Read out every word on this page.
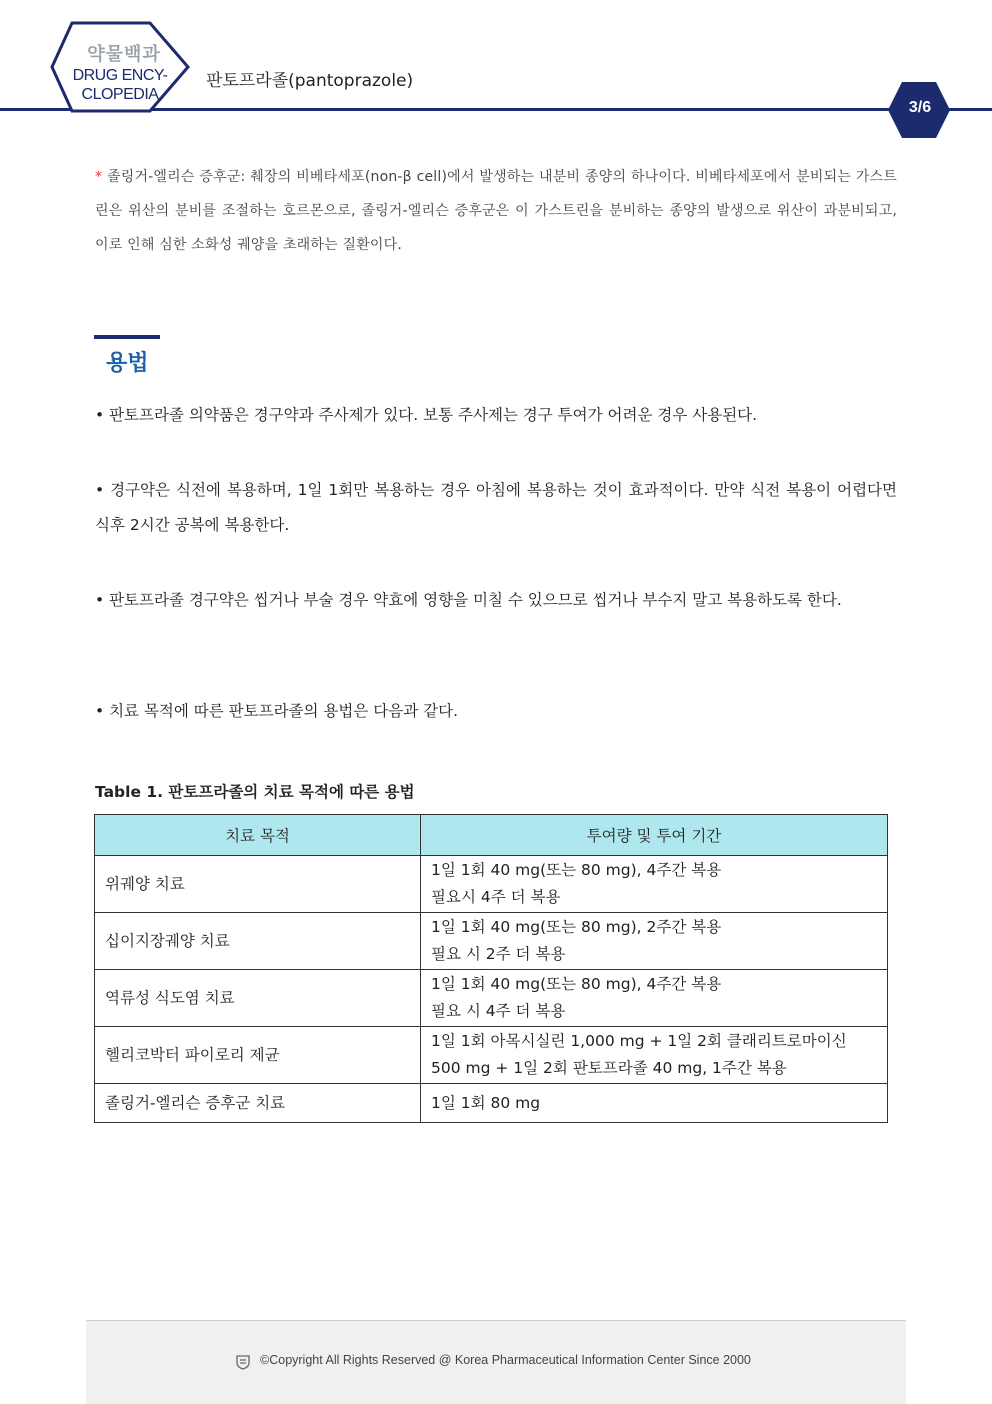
약물백과
DRUG ENCY-
CLOPEDIA
판토프라졸(pantoprazole)
3/6
* 졸링거-엘리슨 증후군: 췌장의 비베타세포(non-β cell)에서 발생하는 내분비 종양의 하나이다. 비베타세포에서 분비되는 가스트린은 위산의 분비를 조절하는 호르몬으로, 졸링거-엘리슨 증후군은 이 가스트린을 분비하는 종양의 발생으로 위산이 과분비되고, 이로 인해 심한 소화성 궤양을 초래하는 질환이다.
용법
• 판토프라졸 의약품은 경구약과 주사제가 있다. 보통 주사제는 경구 투여가 어려운 경우 사용된다.
• 경구약은 식전에 복용하며, 1일 1회만 복용하는 경우 아침에 복용하는 것이 효과적이다. 만약 식전 복용이 어렵다면 식후 2시간 공복에 복용한다.
• 판토프라졸 경구약은 씹거나 부술 경우 약효에 영향을 미칠 수 있으므로 씹거나 부수지 말고 복용하도록 한다.
• 치료 목적에 따른 판토프라졸의 용법은 다음과 같다.
Table 1. 판토프라졸의 치료 목적에 따른 용법
치료 목적	투여량 및 투여 기간
위궤양 치료	1일 1회 40 mg(또는 80 mg), 4주간 복용
필요시 4주 더 복용

십이지장궤양 치료	1일 1회 40 mg(또는 80 mg), 2주간 복용
필요 시 2주 더 복용

역류성 식도염 치료	1일 1회 40 mg(또는 80 mg), 4주간 복용
필요 시 4주 더 복용

헬리코박터 파이로리 제균	1일 1회 아목시실린 1,000 mg + 1일 2회 클래리트로마이신
500 mg + 1일 2회 판토프라졸 40 mg, 1주간 복용

졸링거-엘리슨 증후군 치료	1일 1회 80 mg
©Copyright All Rights Reserved @ Korea Pharmaceutical Information Center Since 2000
